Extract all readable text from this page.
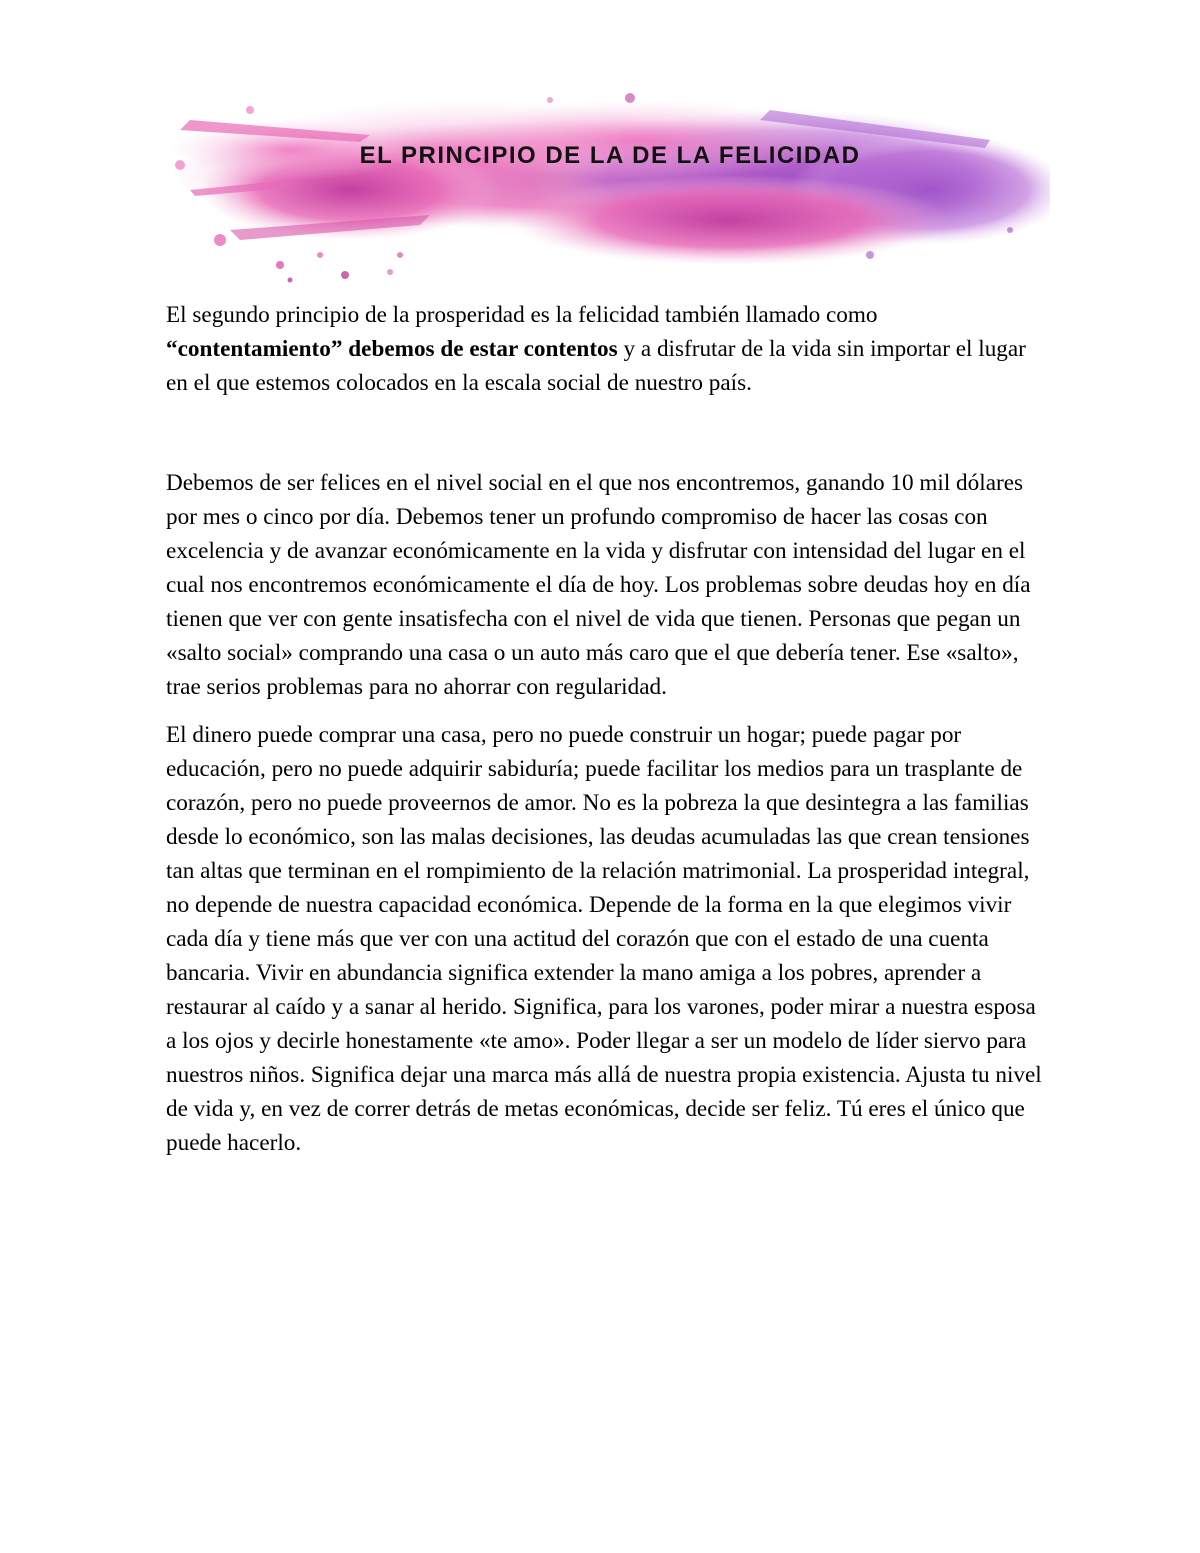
EL PRINCIPIO DE LA DE LA FELICIDAD

El segundo principio de la prosperidad es la felicidad también llamado como “contentamiento” debemos de estar contentos y a disfrutar de la vida sin importar el lugar en el que estemos colocados en la escala social de nuestro país.

Debemos de ser felices en el nivel social en el que nos encontremos, ganando 10 mil dólares por mes o cinco por día. Debemos tener un profundo compromiso de hacer las cosas con excelencia y de avanzar económicamente en la vida y disfrutar con intensidad del lugar en el cual nos encontremos económicamente el día de hoy. Los problemas sobre deudas hoy en día tienen que ver con gente insatisfecha con el nivel de vida que tienen. Personas que pegan un «salto social» comprando una casa o un auto más caro que el que debería tener. Ese «salto», trae serios problemas para no ahorrar con regularidad.

El dinero puede comprar una casa, pero no puede construir un hogar; puede pagar por educación, pero no puede adquirir sabiduría; puede facilitar los medios para un trasplante de corazón, pero no puede proveernos de amor. No es la pobreza la que desintegra a las familias desde lo económico, son las malas decisiones, las deudas acumuladas las que crean tensiones tan altas que terminan en el rompimiento de la relación matrimonial. La prosperidad integral, no depende de nuestra capacidad económica. Depende de la forma en la que elegimos vivir cada día y tiene más que ver con una actitud del corazón que con el estado de una cuenta bancaria. Vivir en abundancia significa extender la mano amiga a los pobres, aprender a restaurar al caído y a sanar al herido. Significa, para los varones, poder mirar a nuestra esposa a los ojos y decirle honestamente «te amo». Poder llegar a ser un modelo de líder siervo para nuestros niños. Significa dejar una marca más allá de nuestra propia existencia. Ajusta tu nivel de vida y, en vez de correr detrás de metas económicas, decide ser feliz. Tú eres el único que puede hacerlo.
